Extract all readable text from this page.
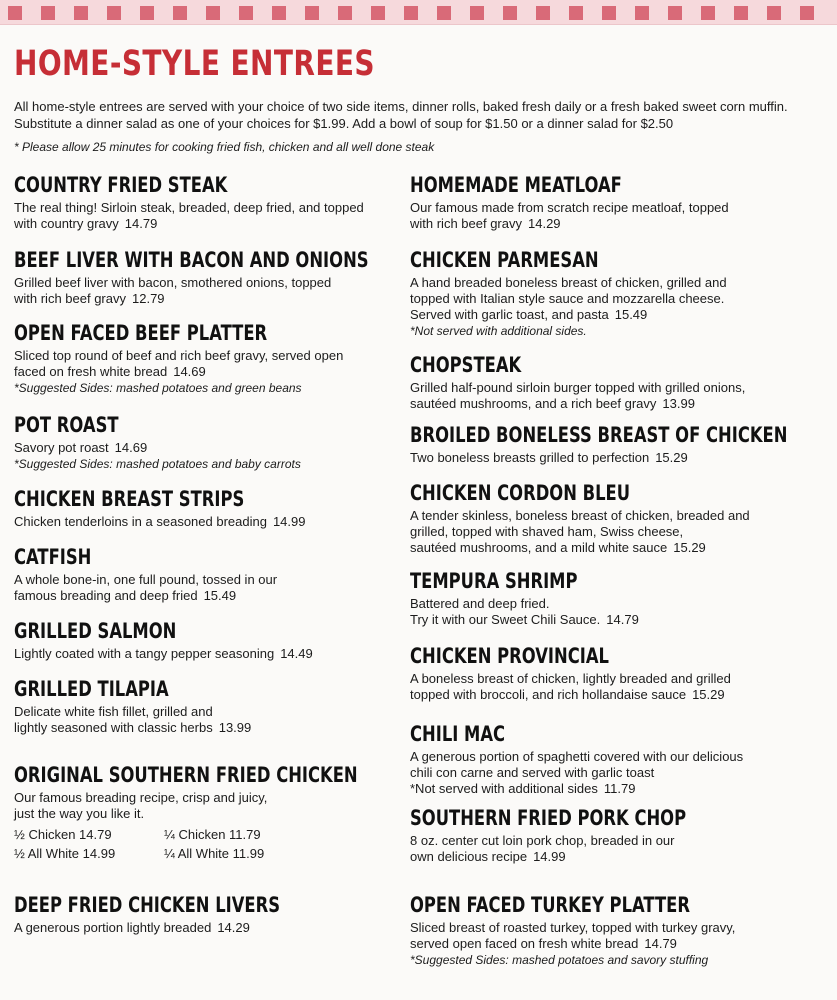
HOME-STYLE ENTREES
All home-style entrees are served with your choice of two side items, dinner rolls, baked fresh daily or a fresh baked sweet corn muffin.
Substitute a dinner salad as one of your choices for $1.99. Add a bowl of soup for $1.50 or a dinner salad for $2.50
* Please allow 25 minutes for cooking fried fish, chicken and all well done steak
COUNTRY FRIED STEAK
The real thing! Sirloin steak, breaded, deep fried, and topped
with country gravy 14.79
BEEF LIVER WITH BACON AND ONIONS
Grilled beef liver with bacon, smothered onions, topped
with rich beef gravy 12.79
OPEN FACED BEEF PLATTER
Sliced top round of beef and rich beef gravy, served open
faced on fresh white bread 14.69
*Suggested Sides: mashed potatoes and green beans
POT ROAST
Savory pot roast 14.69
*Suggested Sides: mashed potatoes and baby carrots
CHICKEN BREAST STRIPS
Chicken tenderloins in a seasoned breading 14.99
CATFISH
A whole bone-in, one full pound, tossed in our
famous breading and deep fried 15.49
GRILLED SALMON
Lightly coated with a tangy pepper seasoning 14.49
GRILLED TILAPIA
Delicate white fish fillet, grilled and
lightly seasoned with classic herbs 13.99
ORIGINAL SOUTHERN FRIED CHICKEN
Our famous breading recipe, crisp and juicy,
just the way you like it.
½ Chicken 14.79	¼ Chicken 11.79
½ All White 14.99	¼ All White 11.99
DEEP FRIED CHICKEN LIVERS
A generous portion lightly breaded 14.29
HOMEMADE MEATLOAF
Our famous made from scratch recipe meatloaf, topped
with rich beef gravy 14.29
CHICKEN PARMESAN
A hand breaded boneless breast of chicken, grilled and
topped with Italian style sauce and mozzarella cheese.
Served with garlic toast, and pasta 15.49
*Not served with additional sides.
CHOPSTEAK
Grilled half-pound sirloin burger topped with grilled onions,
sautéed mushrooms, and a rich beef gravy 13.99
BROILED BONELESS BREAST OF CHICKEN
Two boneless breasts grilled to perfection 15.29
CHICKEN CORDON BLEU
A tender skinless, boneless breast of chicken, breaded and
grilled, topped with shaved ham, Swiss cheese,
sautéed mushrooms, and a mild white sauce 15.29
TEMPURA SHRIMP
Battered and deep fried.
Try it with our Sweet Chili Sauce. 14.79
CHICKEN PROVINCIAL
A boneless breast of chicken, lightly breaded and grilled
topped with broccoli, and rich hollandaise sauce 15.29
CHILI MAC
A generous portion of spaghetti covered with our delicious
chili con carne and served with garlic toast
*Not served with additional sides 11.79
SOUTHERN FRIED PORK CHOP
8 oz. center cut loin pork chop, breaded in our
own delicious recipe 14.99
OPEN FACED TURKEY PLATTER
Sliced breast of roasted turkey, topped with turkey gravy,
served open faced on fresh white bread 14.79
*Suggested Sides: mashed potatoes and savory stuffing
